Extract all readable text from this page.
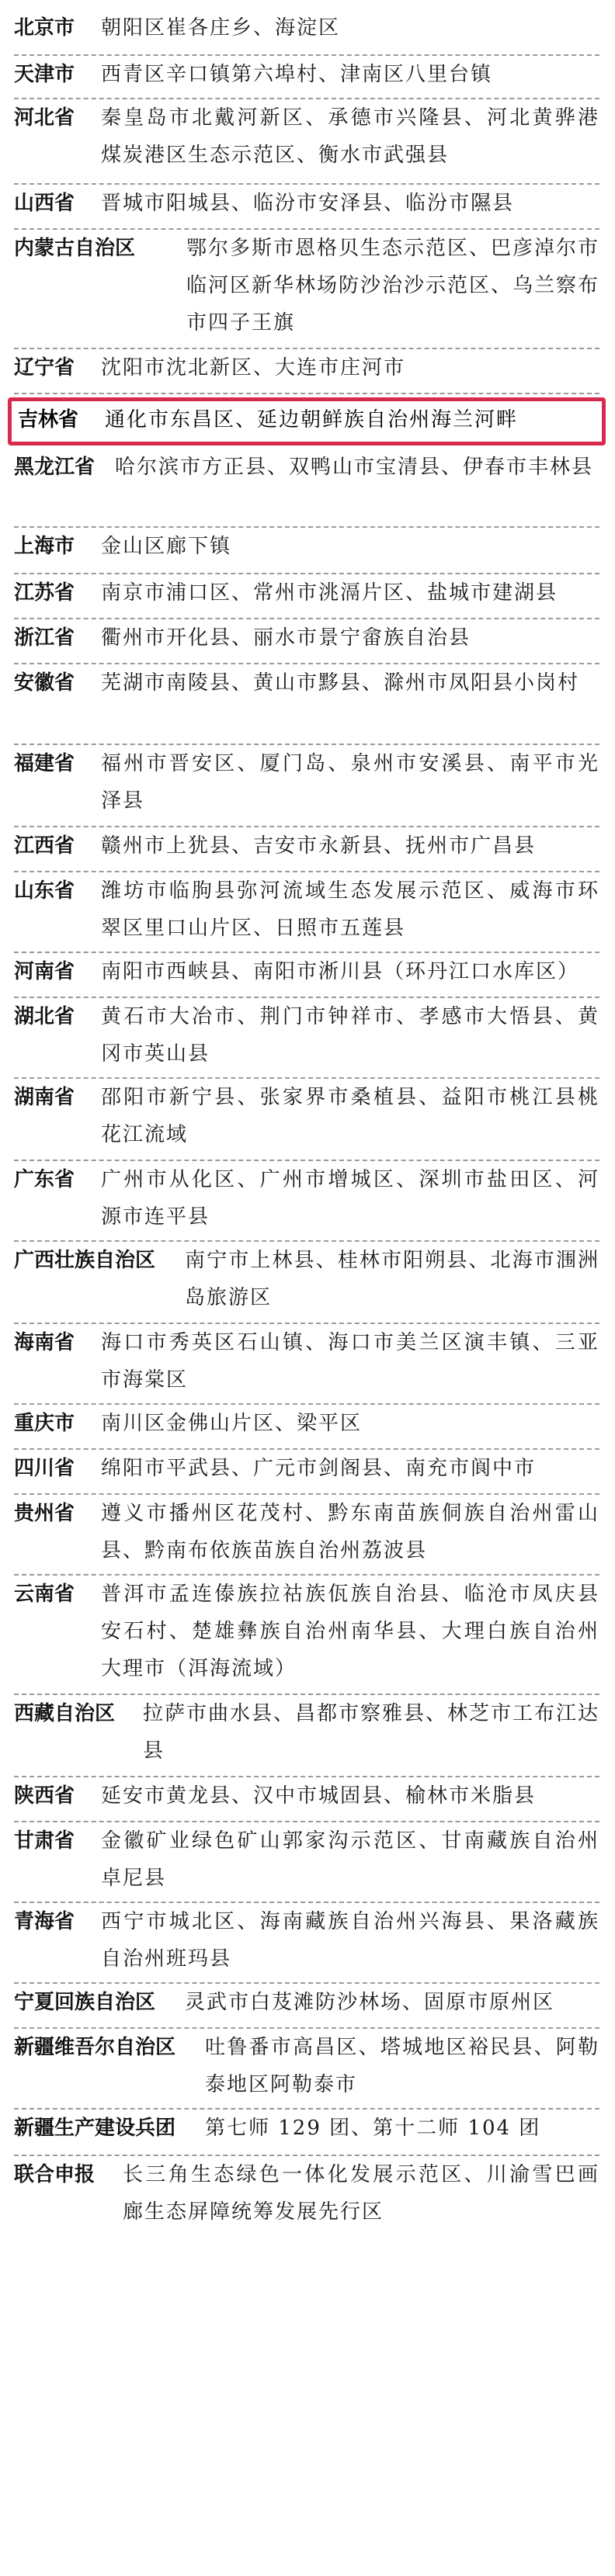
北京市	朝阳区崔各庄乡、海淀区
天津市	西青区辛口镇第六埠村、津南区八里台镇
河北省	秦皇岛市北戴河新区、承德市兴隆县、河北黄骅港煤炭港区生态示范区、衡水市武强县
山西省	晋城市阳城县、临汾市安泽县、临汾市隰县
内蒙古自治区	鄂尔多斯市恩格贝生态示范区、巴彦淖尔市临河区新华林场防沙治沙示范区、乌兰察布市四子王旗
辽宁省	沈阳市沈北新区、大连市庄河市
吉林省	通化市东昌区、延边朝鲜族自治州海兰河畔
黑龙江省 哈尔滨市方正县、双鸭山市宝清县、伊春市丰林县
上海市	金山区廊下镇
江苏省	南京市浦口区、常州市洮滆片区、盐城市建湖县
浙江省	衢州市开化县、丽水市景宁畲族自治县
安徽省	芜湖市南陵县、黄山市黟县、滁州市凤阳县小岗村
福建省	福州市晋安区、厦门岛、泉州市安溪县、南平市光泽县
江西省	赣州市上犹县、吉安市永新县、抚州市广昌县
山东省	潍坊市临朐县弥河流域生态发展示范区、威海市环翠区里口山片区、日照市五莲县
河南省	南阳市西峡县、南阳市淅川县（环丹江口水库区）
湖北省	黄石市大冶市、荆门市钟祥市、孝感市大悟县、黄冈市英山县
湖南省	邵阳市新宁县、张家界市桑植县、益阳市桃江县桃花江流域
广东省	广州市从化区、广州市增城区、深圳市盐田区、河源市连平县
广西壮族自治区	南宁市上林县、桂林市阳朔县、北海市涠洲岛旅游区
海南省	海口市秀英区石山镇、海口市美兰区演丰镇、三亚市海棠区
重庆市	南川区金佛山片区、梁平区
四川省	绵阳市平武县、广元市剑阁县、南充市阆中市
贵州省	遵义市播州区花茂村、黔东南苗族侗族自治州雷山县、黔南布依族苗族自治州荔波县
云南省	普洱市孟连傣族拉祜族佤族自治县、临沧市凤庆县安石村、楚雄彝族自治州南华县、大理白族自治州大理市（洱海流域）
西藏自治区	拉萨市曲水县、昌都市察雅县、林芝市工布江达县
陕西省	延安市黄龙县、汉中市城固县、榆林市米脂县
甘肃省	金徽矿业绿色矿山郭家沟示范区、甘南藏族自治州卓尼县
青海省	西宁市城北区、海南藏族自治州兴海县、果洛藏族自治州班玛县
宁夏回族自治区	灵武市白芨滩防沙林场、固原市原州区
新疆维吾尔自治区	吐鲁番市高昌区、塔城地区裕民县、阿勒泰地区阿勒泰市
新疆生产建设兵团	第七师 129 团、第十二师 104 团
联合申报	长三角生态绿色一体化发展示范区、川渝雪巴画廊生态屏障统筹发展先行区
